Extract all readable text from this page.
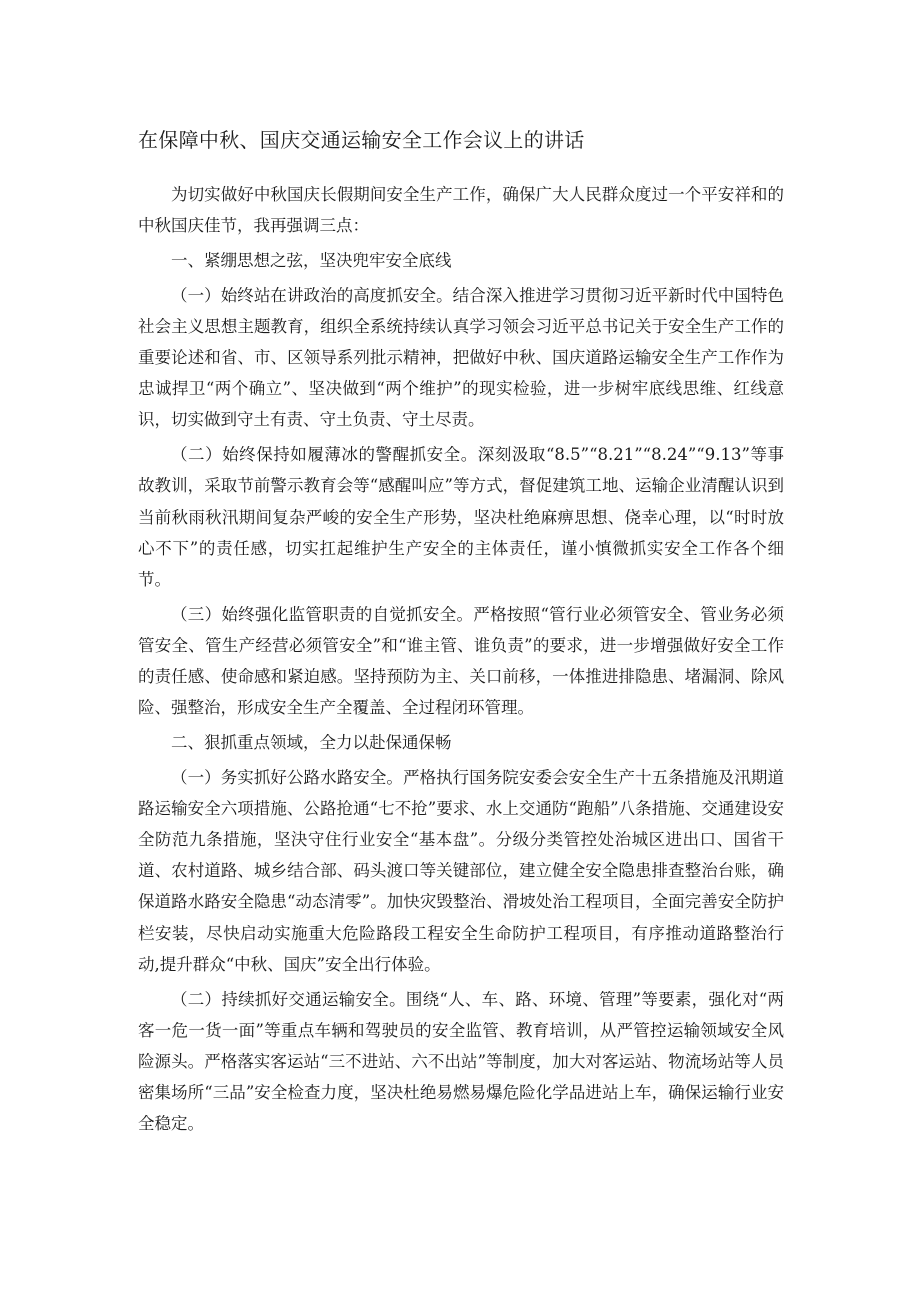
在保障中秋、国庆交通运输安全工作会议上的讲话

为切实做好中秋国庆长假期间安全生产工作，确保广大人民群众度过一个平安祥和的中秋国庆佳节，我再强调三点：

一、紧绷思想之弦，坚决兜牢安全底线

（一）始终站在讲政治的高度抓安全。结合深入推进学习贯彻习近平新时代中国特色社会主义思想主题教育，组织全系统持续认真学习领会习近平总书记关于安全生产工作的重要论述和省、市、区领导系列批示精神，把做好中秋、国庆道路运输安全生产工作作为忠诚捍卫“两个确立”、坚决做到“两个维护”的现实检验，进一步树牢底线思维、红线意识，切实做到守土有责、守土负责、守土尽责。

（二）始终保持如履薄冰的警醒抓安全。深刻汲取“8.5”“8.21”“8.24”“9.13”等事故教训，采取节前警示教育会等“感醒叫应”等方式，督促建筑工地、运输企业清醒认识到当前秋雨秋汛期间复杂严峻的安全生产形势，坚决杜绝麻痹思想、侥幸心理，以“时时放心不下”的责任感，切实扛起维护生产安全的主体责任，谨小慎微抓实安全工作各个细节。

（三）始终强化监管职责的自觉抓安全。严格按照“管行业必须管安全、管业务必须管安全、管生产经营必须管安全”和“谁主管、谁负责”的要求，进一步增强做好安全工作的责任感、使命感和紧迫感。坚持预防为主、关口前移，一体推进排隐患、堵漏洞、除风险、强整治，形成安全生产全覆盖、全过程闭环管理。

二、狠抓重点领域，全力以赴保通保畅

（一）务实抓好公路水路安全。严格执行国务院安委会安全生产十五条措施及汛期道路运输安全六项措施、公路抢通“七不抢”要求、水上交通防“跑船”八条措施、交通建设安全防范九条措施，坚決守住行业安全“基本盘”。分级分类管控处治城区进出口、国省干道、农村道路、城乡结合部、码头渡口等关键部位，建立健全安全隐患排查整治台账，确保道路水路安全隐患“动态清零”。加快灾毁整治、滑坡处治工程项目，全面完善安全防护栏安装，尽快启动实施重大危险路段工程安全生命防护工程项目，有序推动道路整治行动,提升群众“中秋、国庆”安全出行体验。

（二）持续抓好交通运输安全。围绕“人、车、路、环境、管理”等要素，强化对“两客一危一货一面”等重点车辆和驾驶员的安全监管、教育培训，从严管控运输领域安全风险源头。严格落实客运站“三不进站、六不出站”等制度，加大对客运站、物流场站等人员密集场所“三品”安全检查力度，坚决杜绝易燃易爆危险化学品进站上车，确保运输行业安全稳定。
